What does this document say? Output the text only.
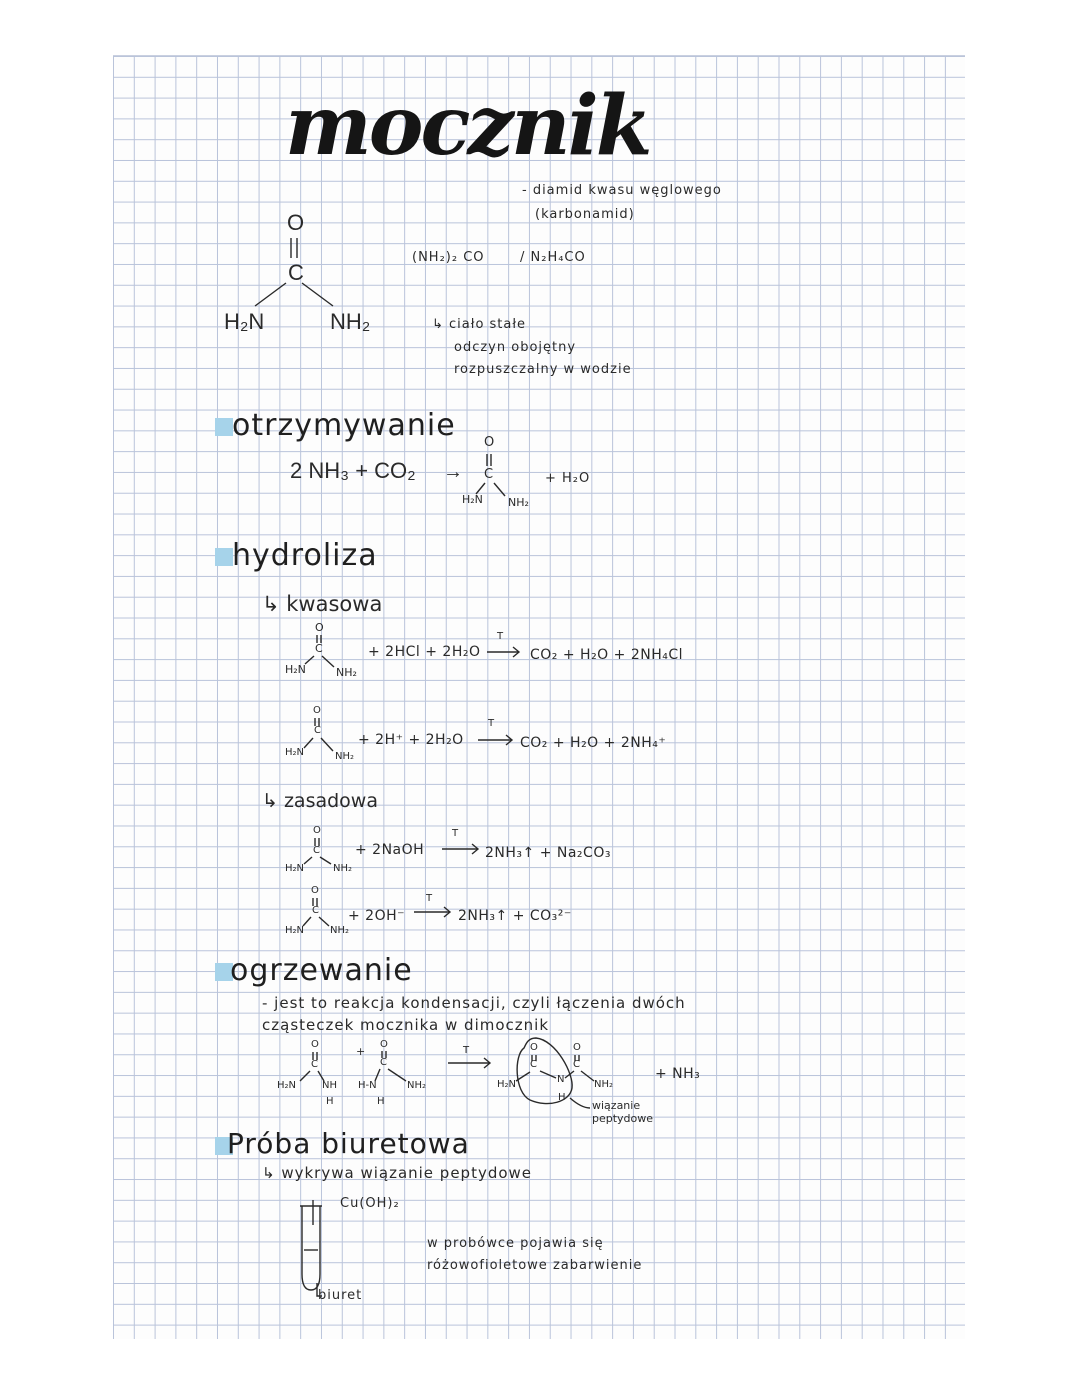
mocznik
- diamid kwasu węglowego
(karbonamid)
(NH₂)₂ CO	/ N₂H₄CO
↳ ciało stałe
odczyn obojętny
rozpuszczalny w wodzie
O
C
H₂N	NH₂
otrzymywanie
2 NH₃ + CO₂ →	+ H₂O
O
C
H₂N NH₂
hydroliza
↳ kwasowa
O
C
H₂N	NH₂
+ 2HCl + 2H₂O
T
CO₂ + H₂O + 2NH₄Cl
O
C
H₂N	NH₂
+ 2H⁺ + 2H₂O
T
CO₂ + H₂O + 2NH₄⁺
↳ zasadowa
O
C
H₂N	NH₂
+ 2NaOH
T
2NH₃↑ + Na₂CO₃
O
C
H₂N	NH₂
+ 2OH⁻
T
2NH₃↑ + CO₃²⁻
ogrzewanie
- jest to reakcja kondensacji, czyli łączenia dwóch
cząsteczek mocznika w dimocznik
O
C
H₂N	NH
H
+
O
C
H-N	NH₂
H
T	O
C
H₂N	N
H
O
C
NH₂
+ NH₃
wiązanie
peptydowe
Próba biuretowa
↳ wykrywa wiązanie peptydowe
Cu(OH)₂
biuret
w probówce pojawia się
różowofioletowe zabarwienie
